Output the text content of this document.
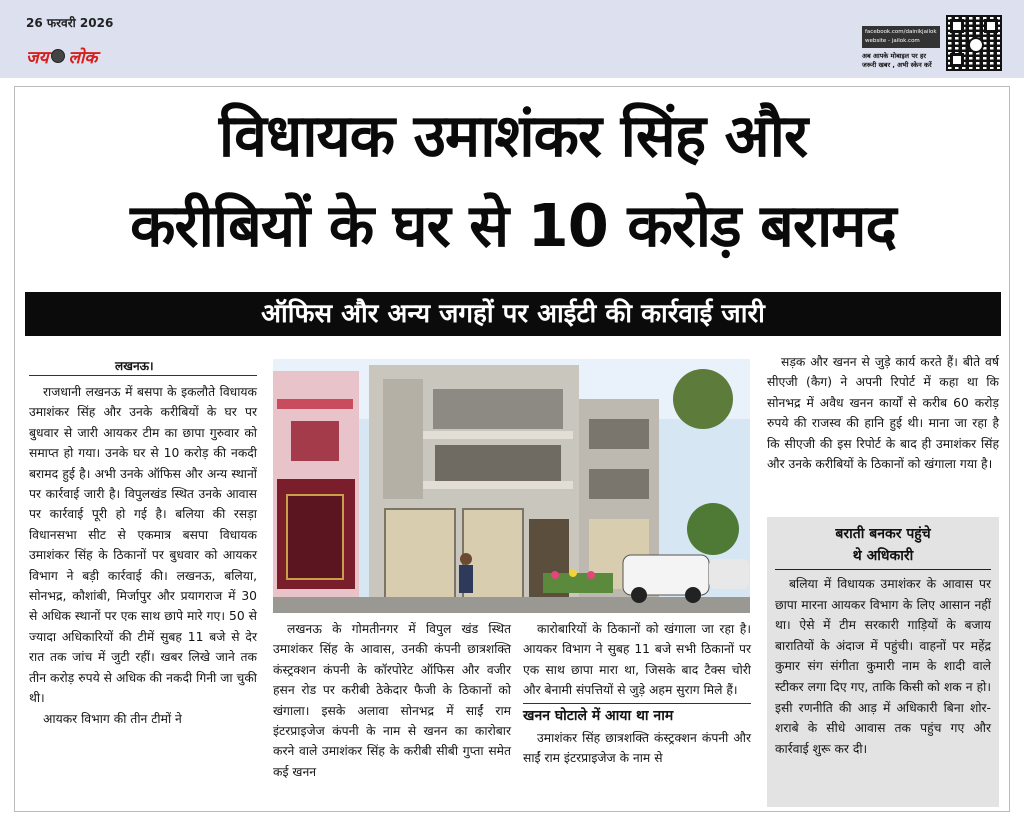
26 फरवरी 2026
जय लोक
facebook.com/dainikjailok
website - jailok.com
अब आपके मोबाइल पर हर
जरूरी खबर , अभी स्केन करें
विधायक उमाशंकर सिंह और
करीबियों के घर से 10 करोड़ बरामद
ऑफिस और अन्य जगहों पर आईटी की कार्रवाई जारी
लखनऊ।

राजधानी लखनऊ में बसपा के इकलौते विधायक उमाशंकर सिंह और उनके करीबियों के घर पर बुधवार से जारी आयकर टीम का छापा गुरुवार को समाप्त हो गया। उनके घर से 10 करोड़ की नकदी बरामद हुई है। अभी उनके ऑफिस और अन्य स्थानों पर कार्रवाई जारी है। विपुलखंड स्थित उनके आवास पर कार्रवाई पूरी हो गई है। बलिया की रसड़ा विधानसभा सीट से एकमात्र बसपा विधायक उमाशंकर सिंह के ठिकानों पर बुधवार को आयकर विभाग ने बड़ी कार्रवाई की। लखनऊ, बलिया, सोनभद्र, कौशांबी, मिर्जापुर और प्रयागराज में 30 से अधिक स्थानों पर एक साथ छापे मारे गए। 50 से ज्यादा अधिकारियों की टीमें सुबह 11 बजे से देर रात तक जांच में जुटी रहीं। खबर लिखे जाने तक तीन करोड़ रुपये से अधिक की नकदी गिनी जा चुकी थी।

आयकर विभाग की तीन टीमों ने

लखनऊ के गोमतीनगर में विपुल खंड स्थित उमाशंकर सिंह के आवास, उनकी कंपनी छात्रशक्ति कंस्ट्रक्शन कंपनी के कॉरपोरेट ऑफिस और वजीर हसन रोड पर करीबी ठेकेदार फैजी के ठिकानों को खंगाला। इसके अलावा सोनभद्र में साईं राम इंटरप्राइजेज कंपनी के नाम से खनन का कारोबार करने वाले उमाशंकर सिंह के करीबी सीबी गुप्ता समेत कई खनन

कारोबारियों के ठिकानों को खंगाला जा रहा है। आयकर विभाग ने सुबह 11 बजे सभी ठिकानों पर एक साथ छापा मारा था, जिसके बाद टैक्स चोरी और बेनामी संपत्तियों से जुड़े अहम सुराग मिले हैं।

खनन घोटाले में आया था नाम

उमाशंकर सिंह छात्रशक्ति कंस्ट्रक्शन कंपनी और साईं राम इंटरप्राइजेज के नाम से

सड़क और खनन से जुड़े कार्य करते हैं। बीते वर्ष सीएजी (कैग) ने अपनी रिपोर्ट में कहा था कि सोनभद्र में अवैध खनन कार्यों से करीब 60 करोड़ रुपये की राजस्व की हानि हुई थी। माना जा रहा है कि सीएजी की इस रिपोर्ट के बाद ही उमाशंकर सिंह और उनके करीबियों के ठिकानों को खंगाला गया है।

बराती बनकर पहुंचे
थे अधिकारी

बलिया में विधायक उमाशंकर के आवास पर छापा मारना आयकर विभाग के लिए आसान नहीं था। ऐसे में टीम सरकारी गाड़ियों के बजाय बारातियों के अंदाज में पहुंची। वाहनों पर महेंद्र कुमार संग संगीता कुमारी नाम के शादी वाले स्टीकर लगा दिए गए, ताकि किसी को शक न हो। इसी रणनीति की आड़ में अधिकारी बिना शोर-शराबे के सीधे आवास तक पहुंच गए और कार्रवाई शुरू कर दी।
